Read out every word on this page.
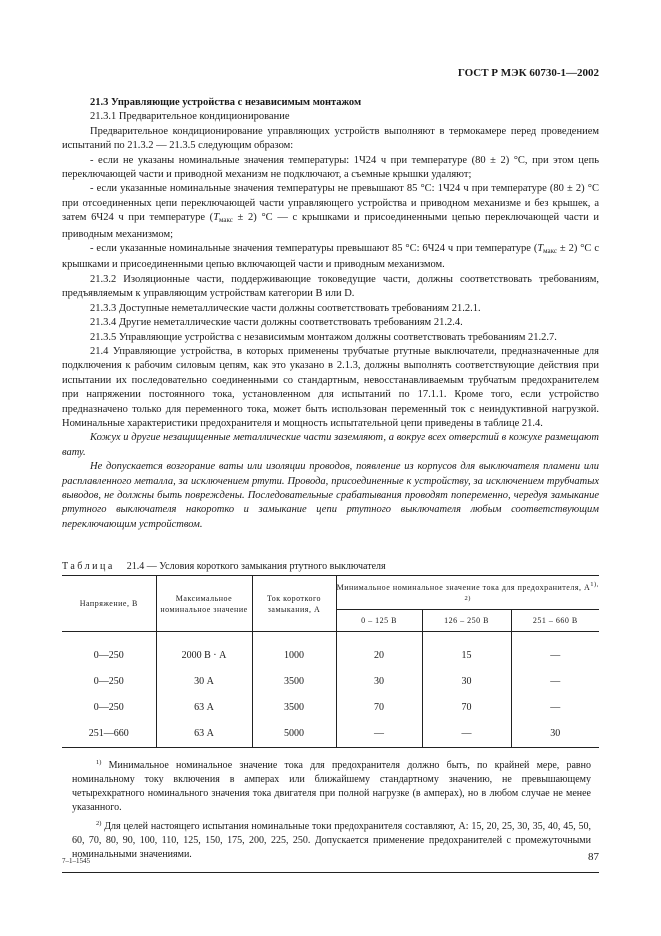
ГОСТ Р МЭК 60730-1—2002

21.3 Управляющие устройства с независимым монтажом

21.3.1 Предварительное кондиционирование

Предварительное кондиционирование управляющих устройств выполняют в термокамере перед проведением испытаний по 21.3.2 — 21.3.5 следующим образом:

- если не указаны номинальные значения температуры: 1Ч24 ч при температуре (80 ± 2) °С, при этом цепь переключающей части и приводной механизм не подключают, а съемные крышки удаляют;

- если указанные номинальные значения температуры не превышают 85 °С: 1Ч24 ч при температуре (80 ± 2) °С при отсоединенных цепи переключающей части управляющего устройства и приводном механизме и без крышек, а затем 6Ч24 ч при температуре $(T_{макс} \pm 2)$ °С — с крышками и присоединенными цепью переключающей части и приводным механизмом;

- если указанные номинальные значения температуры превышают 85 °С: 6Ч24 ч при температуре $(T_{макс} \pm 2)$ °С с крышками и присоединенными цепью включающей части и приводным механизмом.

21.3.2 Изоляционные части, поддерживающие токоведущие части, должны соответствовать требованиям, предъявляемым к управляющим устройствам категории В или D.

21.3.3 Доступные неметаллические части должны соответствовать требованиям 21.2.1.

21.3.4 Другие неметаллические части должны соответствовать требованиям 21.2.4.

21.3.5 Управляющие устройства с независимым монтажом должны соответствовать требованиям 21.2.7.

21.4 Управляющие устройства, в которых применены трубчатые ртутные выключатели, предназначенные для подключения к рабочим силовым цепям, как это указано в 2.1.3, должны выполнять соответствующие действия при испытании их последовательно соединенными со стандартным, невосстанавливаемым трубчатым предохранителем при напряжении постоянного тока, установленном для испытаний по 17.1.1. Кроме того, если устройство предназначено только для переменного тока, может быть использован переменный ток с неиндуктивной нагрузкой. Номинальные характеристики предохранителя и мощность испытательной цепи приведены в таблице 21.4.

Кожух и другие незащищенные металлические части заземляют, а вокруг всех отверстий в кожухе размещают вату.

Не допускается возгорание ваты или изоляции проводов, появление из корпусов для выключателя пламени или расплавленного металла, за исключением ртути. Провода, присоединенные к устройству, за исключением трубчатых выводов, не должны быть повреждены. Последовательные срабатывания проводят попеременно, чередуя замыкание ртутного выключателя накоротко и замыкание цепи ртутного выключателя любым соответствующим переключающим устройством.

Таблица 21.4 — Условия короткого замыкания ртутного выключателя
Напряжение, В	Максимальное номинальное значение	Ток короткого замыкания, А	Минимальное номинальное значение тока для предохранителя, $А^{1), 2)}$
			0 – 125 В	126 – 250 В	251 – 660 В

0—250	2000 В · А	1000	20	15	—
0—250	30 А	3500	30	30	—
0—250	63 А	3500	70	70	—
251—660	63 А	5000	—	—	30

$^{1)}$ Минимальное номинальное значение тока для предохранителя должно быть, по крайней мере, равно номинальному току включения в амперах или ближайшему стандартному значению, не превышающему четырехкратного номинального значения тока двигателя при полной нагрузке (в амперах), но в любом случае не менее указанного.

$^{2)}$ Для целей настоящего испытания номинальные токи предохранителя составляют, А: 15, 20, 25, 30, 35, 40, 45, 50, 60, 70, 80, 90, 100, 110, 125, 150, 175, 200, 225, 250. Допускается применение предохранителей с промежуточными номинальными значениями.					

7–1–1545	87
